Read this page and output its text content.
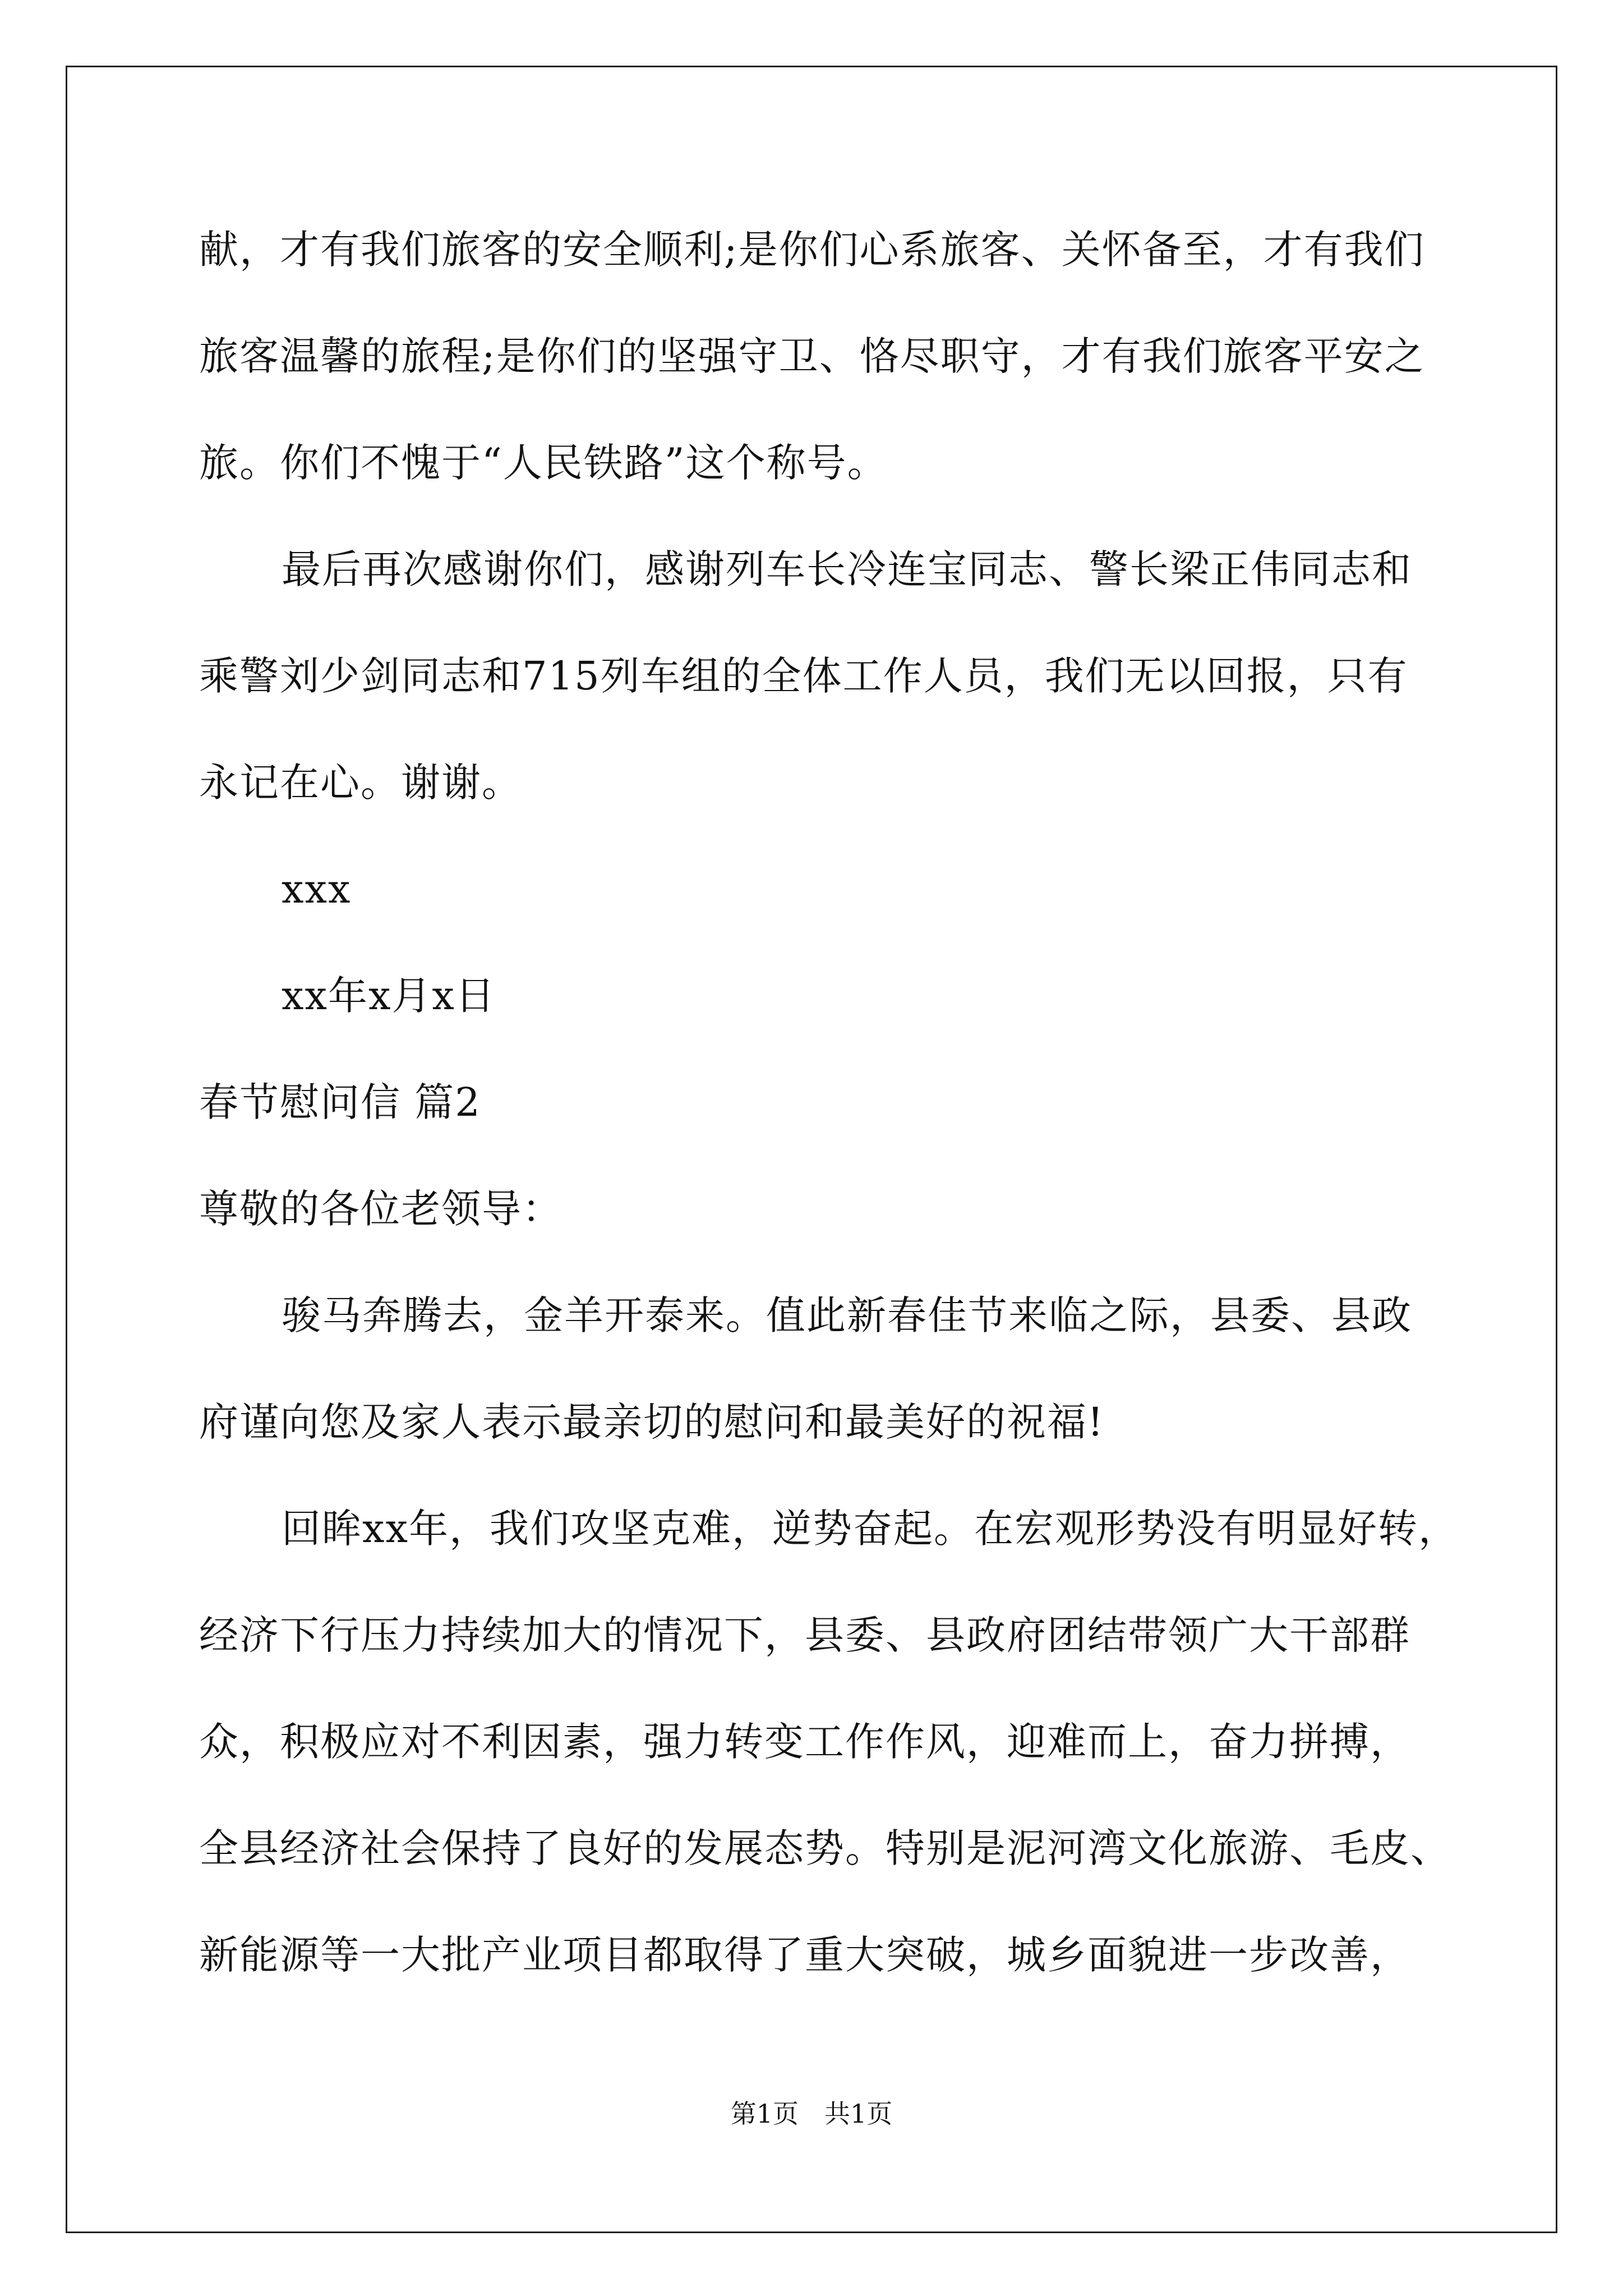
献，才有我们旅客的安全顺利;是你们心系旅客、关怀备至，才有我们
旅客温馨的旅程;是你们的坚强守卫、恪尽职守，才有我们旅客平安之
旅。你们不愧于“人民铁路”这个称号。
最后再次感谢你们，感谢列车长冷连宝同志、警长梁正伟同志和
乘警刘少剑同志和715列车组的全体工作人员，我们无以回报，只有
永记在心。谢谢。
xxx
xx年x月x日
春节慰问信 篇2
尊敬的各位老领导：
骏马奔腾去，金羊开泰来。值此新春佳节来临之际，县委、县政
府谨向您及家人表示最亲切的慰问和最美好的祝福!
回眸xx年，我们攻坚克难，逆势奋起。在宏观形势没有明显好转，
经济下行压力持续加大的情况下，县委、县政府团结带领广大干部群
众，积极应对不利因素，强力转变工作作风，迎难而上，奋力拼搏，
全县经济社会保持了良好的发展态势。特别是泥河湾文化旅游、毛皮、
新能源等一大批产业项目都取得了重大突破，城乡面貌进一步改善，
第1页　共1页
